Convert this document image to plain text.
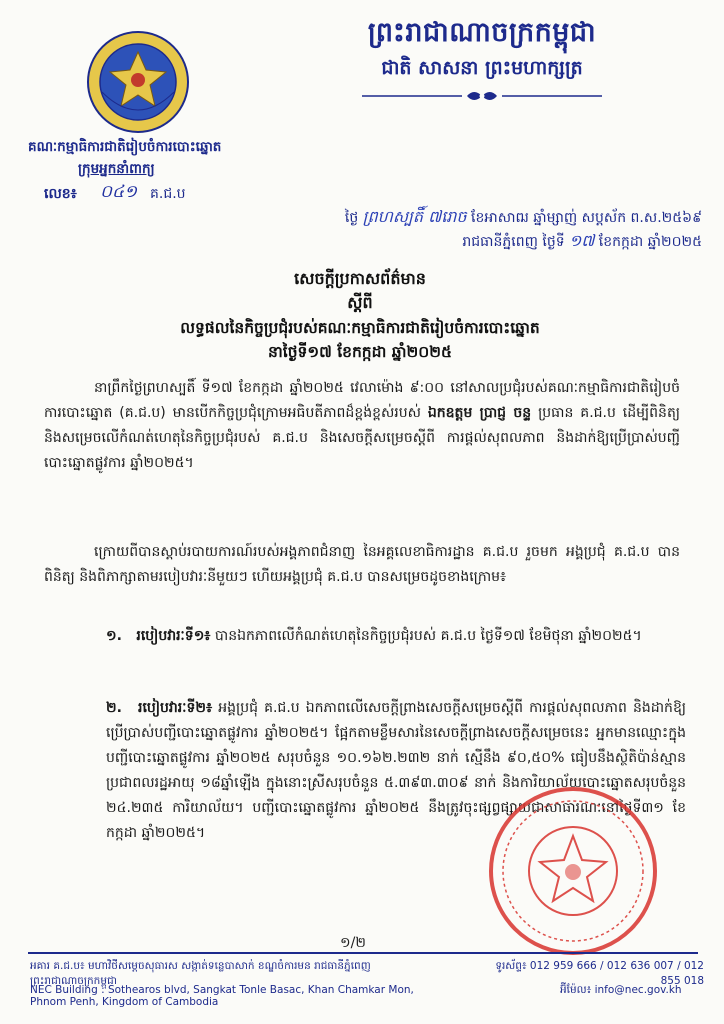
ព្រះរាជាណាចក្រកម្ពុជា
ជាតិ សាសនា ព្រះមហាក្សត្រ
គណៈកម្មាធិការជាតិរៀបចំការបោះឆ្នោត
ក្រុមអ្នកនាំពាក្យ
លេខ៖ ០៤១ គ.ជ.ប
ថ្ងៃ ព្រហស្បតិ៍ ៧រោច ខែអាសាឍ ឆ្នាំម្សាញ់ សប្តស័ក ព.ស.២៥៦៩
រាជធានីភ្នំពេញ ថ្ងៃទី ១៧ ខែកក្កដា ឆ្នាំ២០២៥
សេចក្តីប្រកាសព័ត៌មាន
ស្តីពី
លទ្ធផលនៃកិច្ចប្រជុំរបស់គណៈកម្មាធិការជាតិរៀបចំការបោះឆ្នោត
នាថ្ងៃទី១៧ ខែកក្កដា ឆ្នាំ២០២៥
នាព្រឹកថ្ងៃព្រហស្បតិ៍ ទី១៧ ខែកក្កដា ឆ្នាំ២០២៥ វេលាម៉ោង ៩:០០ នៅសាលប្រជុំរបស់គណៈកម្មាធិការជាតិរៀបចំការបោះឆ្នោត (គ.ជ.ប) មានបើកកិច្ចប្រជុំក្រោមអធិបតីភាពដ៏ខ្ពង់ខ្ពស់របស់ ឯកឧត្តម ប្រាជ្ញ ចន្ទ ប្រធាន គ.ជ.ប ដើម្បីពិនិត្យ និងសម្រេចលើកំណត់ហេតុនៃកិច្ចប្រជុំរបស់ គ.ជ.ប និងសេចក្តីសម្រេចស្តីពី ការផ្តល់សុពលភាព និងដាក់ឱ្យប្រើប្រាស់បញ្ជីបោះឆ្នោតផ្លូវការ ឆ្នាំ២០២៥។
ក្រោយពីបានស្តាប់របាយការណ៍របស់អង្គភាពជំនាញ នៃអគ្គលេខាធិការដ្ឋាន គ.ជ.ប រួចមក អង្គប្រជុំ គ.ជ.ប បានពិនិត្យ និងពិភាក្សាតាមរបៀបវារៈនីមួយៗ ហើយអង្គប្រជុំ គ.ជ.ប បានសម្រេចដូចខាងក្រោម៖
១. របៀបវារៈទី១៖ បានឯកភាពលើកំណត់ហេតុនៃកិច្ចប្រជុំរបស់ គ.ជ.ប ថ្ងៃទី១៧ ខែមិថុនា ឆ្នាំ២០២៥។
២. របៀបវារៈទី២៖ អង្គប្រជុំ គ.ជ.ប ឯកភាពលើសេចក្តីព្រាងសេចក្តីសម្រេចស្តីពី ការផ្តល់សុពលភាព និងដាក់ឱ្យប្រើប្រាស់បញ្ជីបោះឆ្នោតផ្លូវការ ឆ្នាំ២០២៥។ ផ្អែកតាមខ្លឹមសារនៃសេចក្តីព្រាងសេចក្តីសម្រេចនេះ អ្នកមានឈ្មោះក្នុងបញ្ជីបោះឆ្នោតផ្លូវការ ឆ្នាំ២០២៥ សរុបចំនួន ១០.១៦២.២៣២ នាក់ ស្មើនឹង ៩០,៥០% ធៀបនឹងស្ថិតិប៉ាន់ស្មានប្រជាពលរដ្ឋអាយុ ១៨ឆ្នាំឡើង ក្នុងនោះស្រីសរុបចំនួន ៥.៣៩៣.៣០៩ នាក់ និងការិយាល័យបោះឆ្នោតសរុបចំនួន ២៤.២៣៥ ការិយាល័យ។ បញ្ជីបោះឆ្នោតផ្លូវការ ឆ្នាំ២០២៥ នឹងត្រូវចុះផ្សព្វផ្សាយជាសាធារណៈនៅថ្ងៃទី៣១ ខែកក្កដា ឆ្នាំ២០២៥។
១/២
អគារ គ.ជ.ប៖ មហាវិថីសម្តេចសុធារស សង្កាត់ទន្លេបាសាក់ ខណ្ឌចំការមន រាជធានីភ្នំពេញ ព្រះរាជាណាចក្រកម្ពុជា
ទូរស័ព្ទ៖ 012 959 666 / 012 636 007 / 012 855 018
NEC Building : Sothearos blvd, Sangkat Tonle Basac, Khan Chamkar Mon, Phnom Penh, Kingdom of Cambodia
អ៊ីម៉ែល៖ info@nec.gov.kh
